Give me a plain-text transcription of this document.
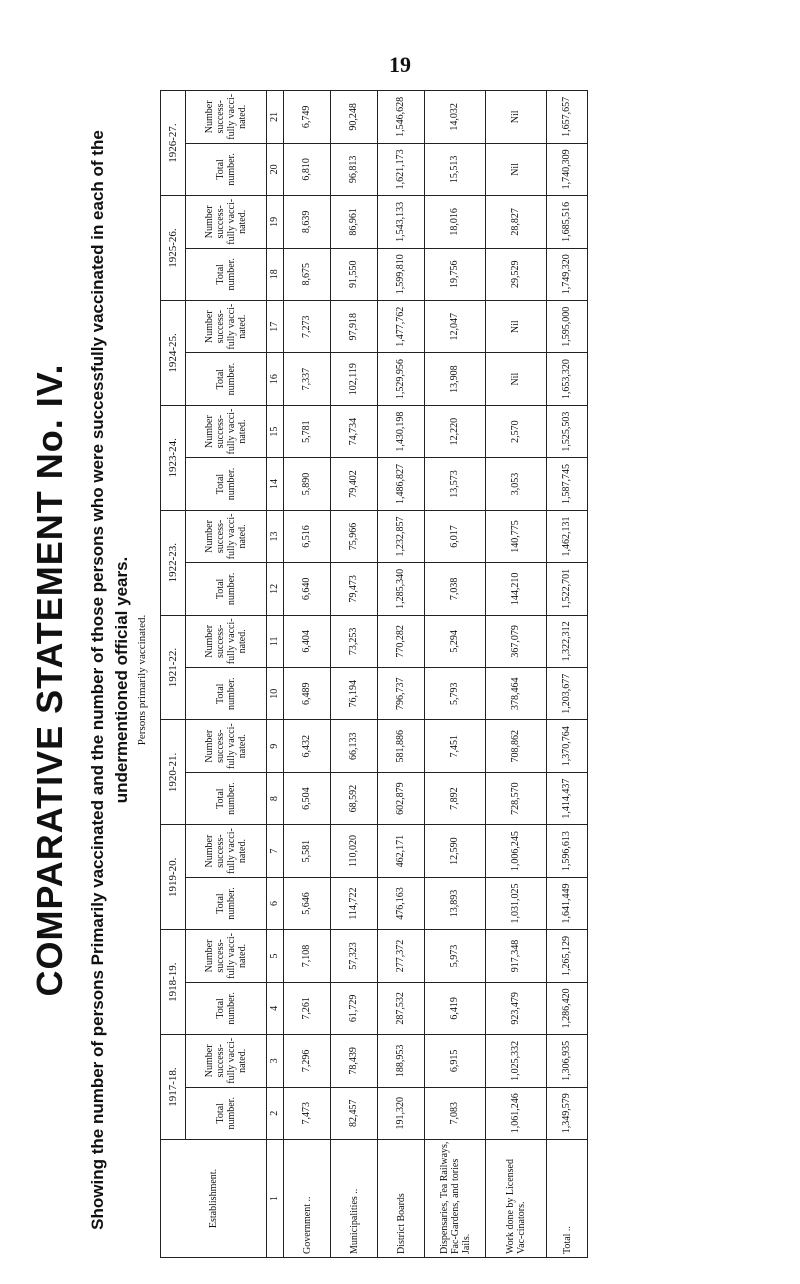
19
COMPARATIVE STATEMENT No. IV. Showing the number of persons Primarily vaccinated and the number of those persons who were successfully vaccinated in each of the undermentioned official years. Persons primarily vaccinated.
Establishment.	1917-18.		1918-19.		1919-20.		1920-21.		1921-22.		1922-23.		1923-24.		1924-25.		1925-26.		1926-27.	
	Total number.	Number success-fully vacci-nated.	Total number.	Number success-fully vacci-nated.	Total number.	Number success-fully vacci-nated.	Total number.	Number success-fully vacci-nated.	Total number.	Number success-fully vacci-nated.	Total number.	Number success-fully vacci-nated.	Total number.	Number success-fully vacci-nated.	Total number.	Number success-fully vacci-nated.	Total number.	Number success-fully vacci-nated.	Total number.	Number success-fully vacci-nated.
1	2	3	4	5	6	7	8	9	10	11	12	13	14	15	16	17	18	19	20	21
Government ..	7,473	7,296	7,261	7,108	5,646	5,581	6,504	6,432	6,489	6,404	6,640	6,516	5,890	5,781	7,337	7,273	8,675	8,639	6,810	6,749
Municipalities ..	82,457	78,439	61,729	57,323	114,722	110,020	68,592	66,133	76,194	73,253	79,473	75,966	79,402	74,734	102,119	97,918	91,550	86,961	96,813	90,248
District Boards	191,320	188,953	287,532	277,372	476,163	462,171	602,879	581,886	796,737	770,282	1,285,340	1,232,857	1,486,827	1,430,198	1,529,956	1,477,762	1,599,810	1,543,133	1,621,173	1,546,628
Dispensaries, Tea Railways, Fac-Gardens, and tories Jails.	7,083	6,915	6,419	5,973	13,893	12,590	7,892	7,451	5,793	5,294	7,038	6,017	13,573	12,220	13,908	12,047	19,756	18,016	15,513	14,032
Work done by Licensed Vac-cinators.	1,061,246	1,025,332	923,479	917,348	1,031,025	1,006,245	728,570	708,862	378,464	367,079	144,210	140,775	3,053	2,570	Nil	Nil	29,529	28,827	Nil	Nil
Total ..	1,349,579	1,306,935	1,286,420	1,265,129	1,641,449	1,596,613	1,414,437	1,370,764	1,203,677	1,322,312	1,522,701	1,462,131	1,587,745	1,525,503	1,653,320	1,595,000	1,749,320	1,685,516	1,740,309	1,657,657
